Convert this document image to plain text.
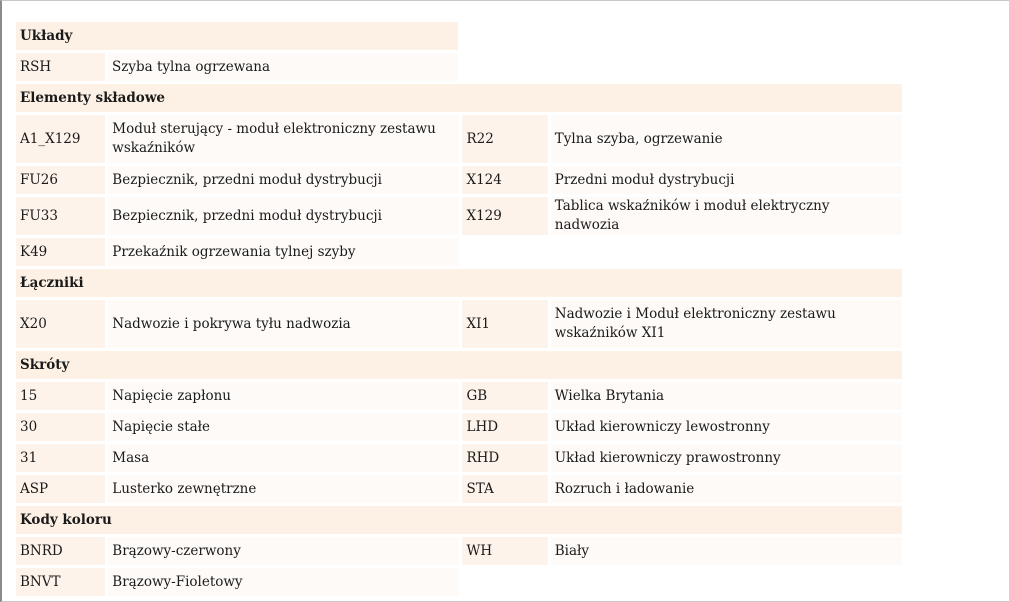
Układy
RSH	Szyba tylna ogrzewana
Elementy składowe			
A1_X129	Moduł sterujący - moduł elektroniczny zestawu wskaźników	R22	Tylna szyba, ogrzewanie
FU26	Bezpiecznik, przedni moduł dystrybucji	X124	Przedni moduł dystrybucji
FU33	Bezpiecznik, przedni moduł dystrybucji	X129	Tablica wskaźników i moduł elektryczny nadwozia
K49	Przekaźnik ogrzewania tylnej szyby		
Łączniki
X20	Nadwozie i pokrywa tyłu nadwozia	XI1	Nadwozie i Moduł elektroniczny zestawu wskaźników XI1
Skróty			
15	Napięcie zapłonu	GB	Wielka Brytania
30	Napięcie stałe	LHD	Układ kierowniczy lewostronny
31	Masa	RHD	Układ kierowniczy prawostronny
ASP	Lusterko zewnętrzne	STA	Rozruch i ładowanie
Kody koloru			
BNRD	Brązowy-czerwony	WH	Biały
BNVT	Brązowy-Fioletowy		
